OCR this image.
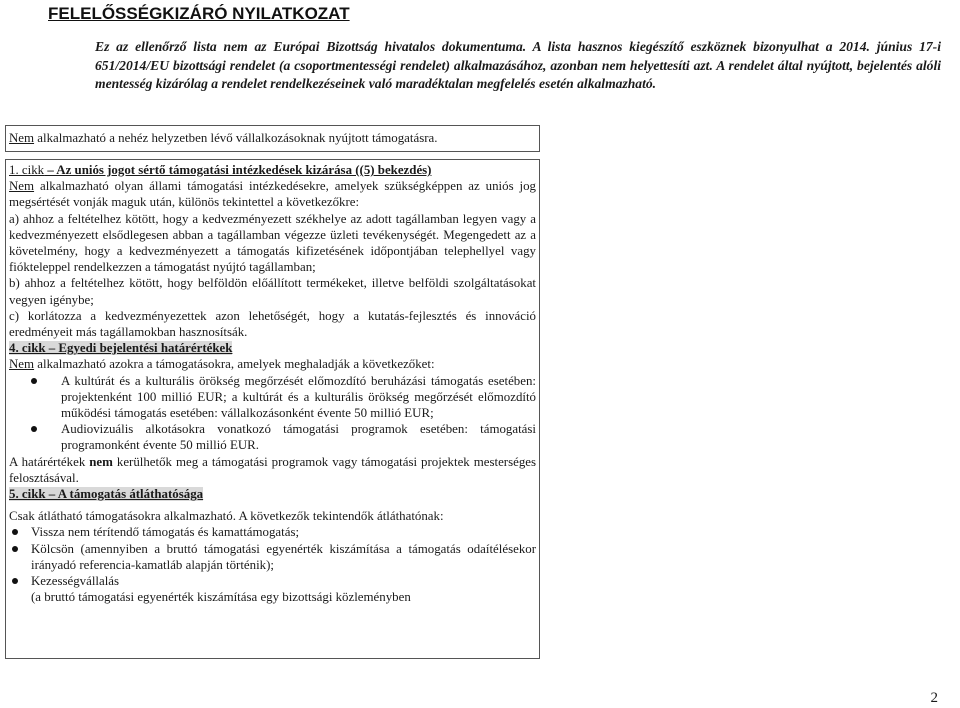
FELELŐSSÉGKIZÁRÓ NYILATKOZAT

Ez az ellenőrző lista nem az Európai Bizottság hivatalos dokumentuma. A lista hasznos kiegészítő eszköznek bizonyulhat a 2014. június 17-i 651/2014/EU bizottsági rendelet (a csoportmentességi rendelet) alkalmazásához, azonban nem helyettesíti azt. A rendelet által nyújtott, bejelentés alóli mentesség kizárólag a rendelet rendelkezéseinek való maradéktalan megfelelés esetén alkalmazható.

Nem alkalmazható a nehéz helyzetben lévő vállalkozásoknak nyújtott támogatásra.

1. cikk – Az uniós jogot sértő támogatási intézkedések kizárása ((5) bekezdés)

Nem alkalmazható olyan állami támogatási intézkedésekre, amelyek szükségképpen az uniós jog megsértését vonják maguk után, különös tekintettel a következőkre:

a) ahhoz a feltételhez kötött, hogy a kedvezményezett székhelye az adott tagállamban legyen vagy a kedvezményezett elsődlegesen abban a tagállamban végezze üzleti tevékenységét. Megengedett az a követelmény, hogy a kedvezményezett a támogatás kifizetésének időpontjában telephellyel vagy fiókteleppel rendelkezzen a támogatást nyújtó tagállamban;

b) ahhoz a feltételhez kötött, hogy belföldön előállított termékeket, illetve belföldi szolgáltatásokat vegyen igénybe;

c) korlátozza a kedvezményezettek azon lehetőségét, hogy a kutatás-fejlesztés és innováció eredményeit más tagállamokban hasznosítsák.

4. cikk – Egyedi bejelentési határértékek

Nem alkalmazható azokra a támogatásokra, amelyek meghaladják a következőket:

A kultúrát és a kulturális örökség megőrzését előmozdító beruházási támogatás esetében: projektenként 100 millió EUR; a kultúrát és a kulturális örökség megőrzését előmozdító működési támogatás esetében: vállalkozásonként évente 50 millió EUR;
Audiovizuális alkotásokra vonatkozó támogatási programok esetében: támogatási programonként évente 50 millió EUR.

A határértékek nem kerülhetők meg a támogatási programok vagy támogatási projektek mesterséges felosztásával.

5. cikk – A támogatás átláthatósága

Csak átlátható támogatásokra alkalmazható. A következők tekintendők átláthatónak:

Vissza nem térítendő támogatás és kamattámogatás;
Kölcsön (amennyiben a bruttó támogatási egyenérték kiszámítása a támogatás odaítélésekor irányadó referencia-kamatláb alapján történik);
Kezességvállalás

(a bruttó támogatási egyenérték kiszámítása egy bizottsági közleményben

2
